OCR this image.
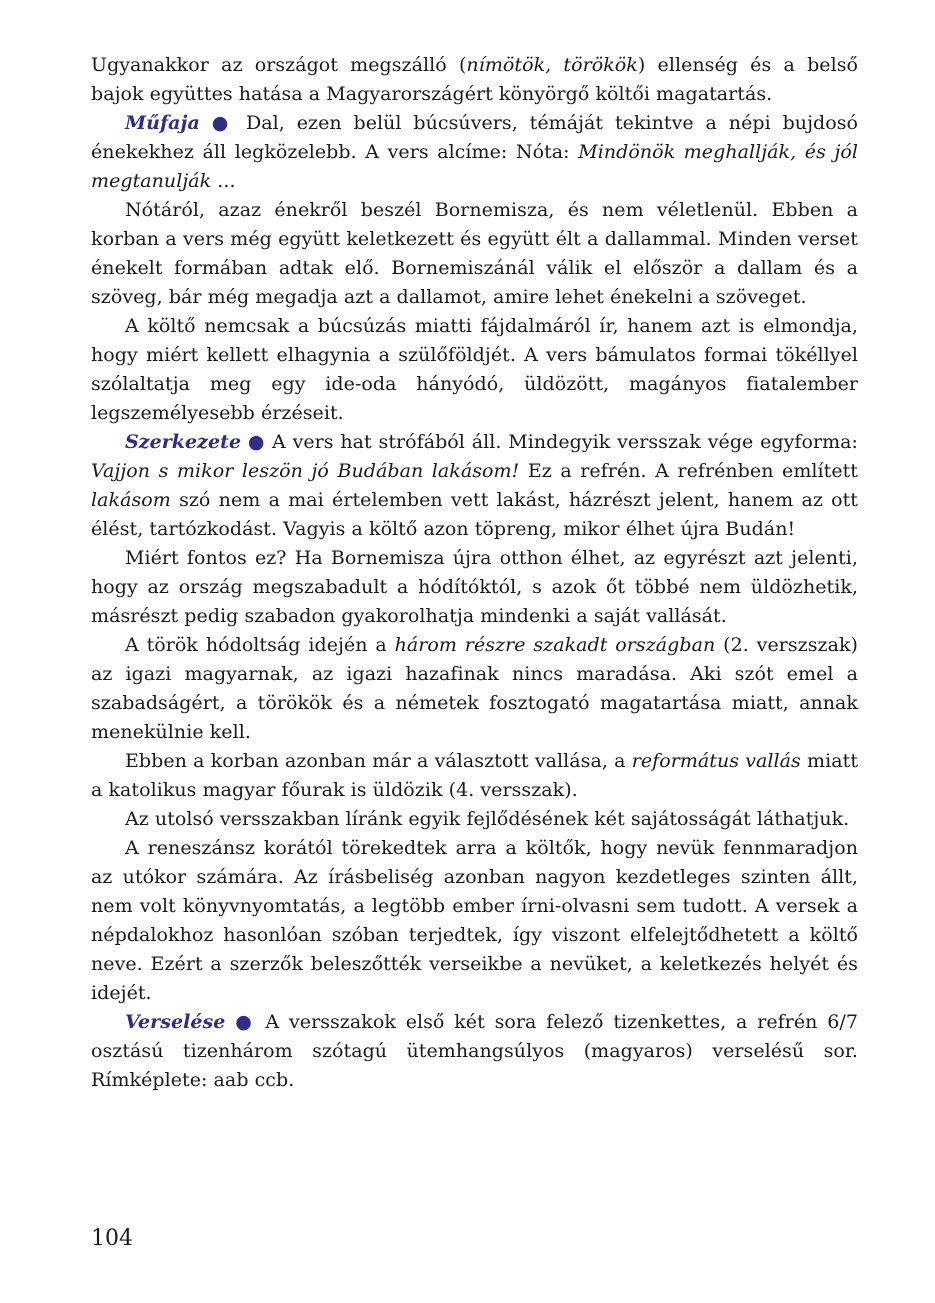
Ugyanakkor az országot megszálló (nímötök, törökök) ellenség és a belső bajok együttes hatása a Magyarországért könyörgő költői magatartás.

Műfaja ● Dal, ezen belül búcsúvers, témáját tekintve a népi bujdosó énekekhez áll legközelebb. A vers alcíme: Nóta: Mindönök meghallják, és jól megtanulják ...

Nótáról, azaz énekről beszél Bornemisza, és nem véletlenül. Ebben a korban a vers még együtt keletkezett és együtt élt a dallammal. Minden verset énekelt formában adtak elő. Bornemiszánál válik el először a dallam és a szöveg, bár még megadja azt a dallamot, amire lehet énekelni a szöveget.

A költő nemcsak a búcsúzás miatti fájdalmáról ír, hanem azt is elmondja, hogy miért kellett elhagynia a szülőföldjét. A vers bámulatos formai tökéllyel szólaltatja meg egy ide-oda hányódó, üldözött, magányos fiatalember legszemélyesebb érzéseit.

Szerkezete ● A vers hat strófából áll. Mindegyik versszak vége egyforma: Vajjon s mikor leszön jó Budában lakásom! Ez a refrén. A refrénben említett lakásom szó nem a mai értelemben vett lakást, házrészt jelent, hanem az ott élést, tartózkodást. Vagyis a költő azon töpreng, mikor élhet újra Budán!

Miért fontos ez? Ha Bornemisza újra otthon élhet, az egyrészt azt jelenti, hogy az ország megszabadult a hódítóktól, s azok őt többé nem üldözhetik, másrészt pedig szabadon gyakorolhatja mindenki a saját vallását.

A török hódoltság idején a három részre szakadt országban (2. verszszak) az igazi magyarnak, az igazi hazafinak nincs maradása. Aki szót emel a szabadságért, a törökök és a németek fosztogató magatartása miatt, annak menekülnie kell.

Ebben a korban azonban már a választott vallása, a református vallás miatt a katolikus magyar főurak is üldözik (4. versszak).

Az utolsó versszakban líránk egyik fejlődésének két sajátosságát láthatjuk.

A reneszánsz korától törekedtek arra a költők, hogy nevük fennmaradjon az utókor számára. Az írásbeliség azonban nagyon kezdetleges szinten állt, nem volt könyvnyomtatás, a legtöbb ember írni-olvasni sem tudott. A versek a népdalokhoz hasonlóan szóban terjedtek, így viszont elfelejtődhetett a költő neve. Ezért a szerzők beleszőtték verseikbe a nevüket, a keletkezés helyét és idejét.

Verselése ● A versszakok első két sora felező tizenkettes, a refrén 6/7 osztású tizenhárom szótagú ütemhangsúlyos (magyaros) verselésű sor. Rímképlete: aab ccb.

104
